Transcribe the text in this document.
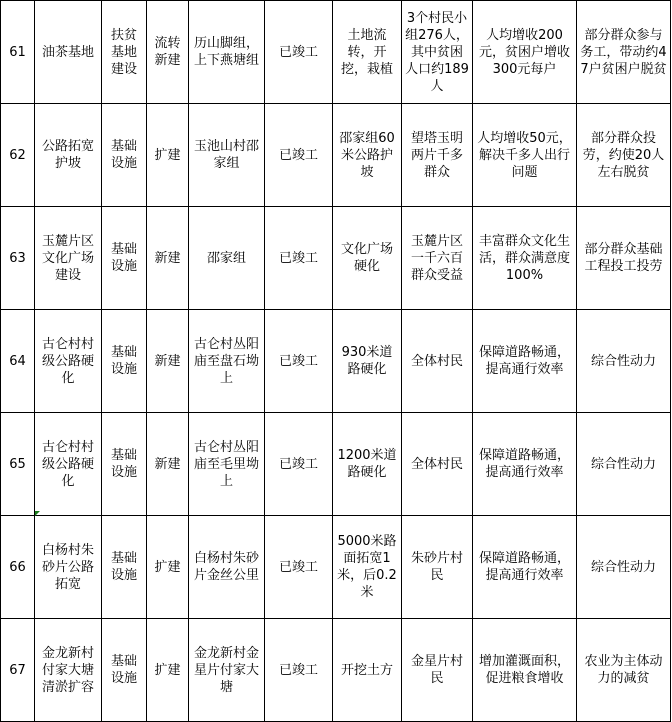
61	油茶基地	扶贫基地建设	流转新建	历山脚组，上下燕塘组	已竣工	土地流转，开挖，栽植	3个村民小组276人，其中贫困人口约189人	人均增收200元，贫困户增收300元每户	部分群众参与务工，带动约47户贫困户脱贫
62	公路拓宽护坡	基础设施	扩建	玉池山村邵家组	已竣工	邵家组60米公路护坡	望塔玉明两片千多群众	人均增收50元，解决千多人出行问题	部分群众投劳，约使20人左右脱贫
63	玉麓片区文化广场建设	基础设施	新建	邵家组	已竣工	文化广场硬化	玉麓片区一千六百群众受益	丰富群众文化生活，群众满意度100%	部分群众基础工程投工投劳
64	古仑村村级公路硬化	基础设施	新建	古仑村丛阳庙至盘石坳上	已竣工	930米道路硬化	全体村民	保障道路畅通，提高通行效率	综合性动力
65	古仑村村级公路硬化	基础设施	新建	古仑村丛阳庙至毛里坳上	已竣工	1200米道路硬化	全体村民	保障道路畅通，提高通行效率	综合性动力
66	白杨村朱砂片公路拓宽	基础设施	扩建	白杨村朱砂片金丝公里	已竣工	5000米路面拓宽1米，后0.2米	朱砂片村民	保障道路畅通，提高通行效率	综合性动力
67	金龙新村付家大塘清淤扩容	基础设施	扩建	金龙新村金星片付家大塘	已竣工	开挖土方	金星片村民	增加灌溉面积，促进粮食增收	农业为主体动力的减贫
